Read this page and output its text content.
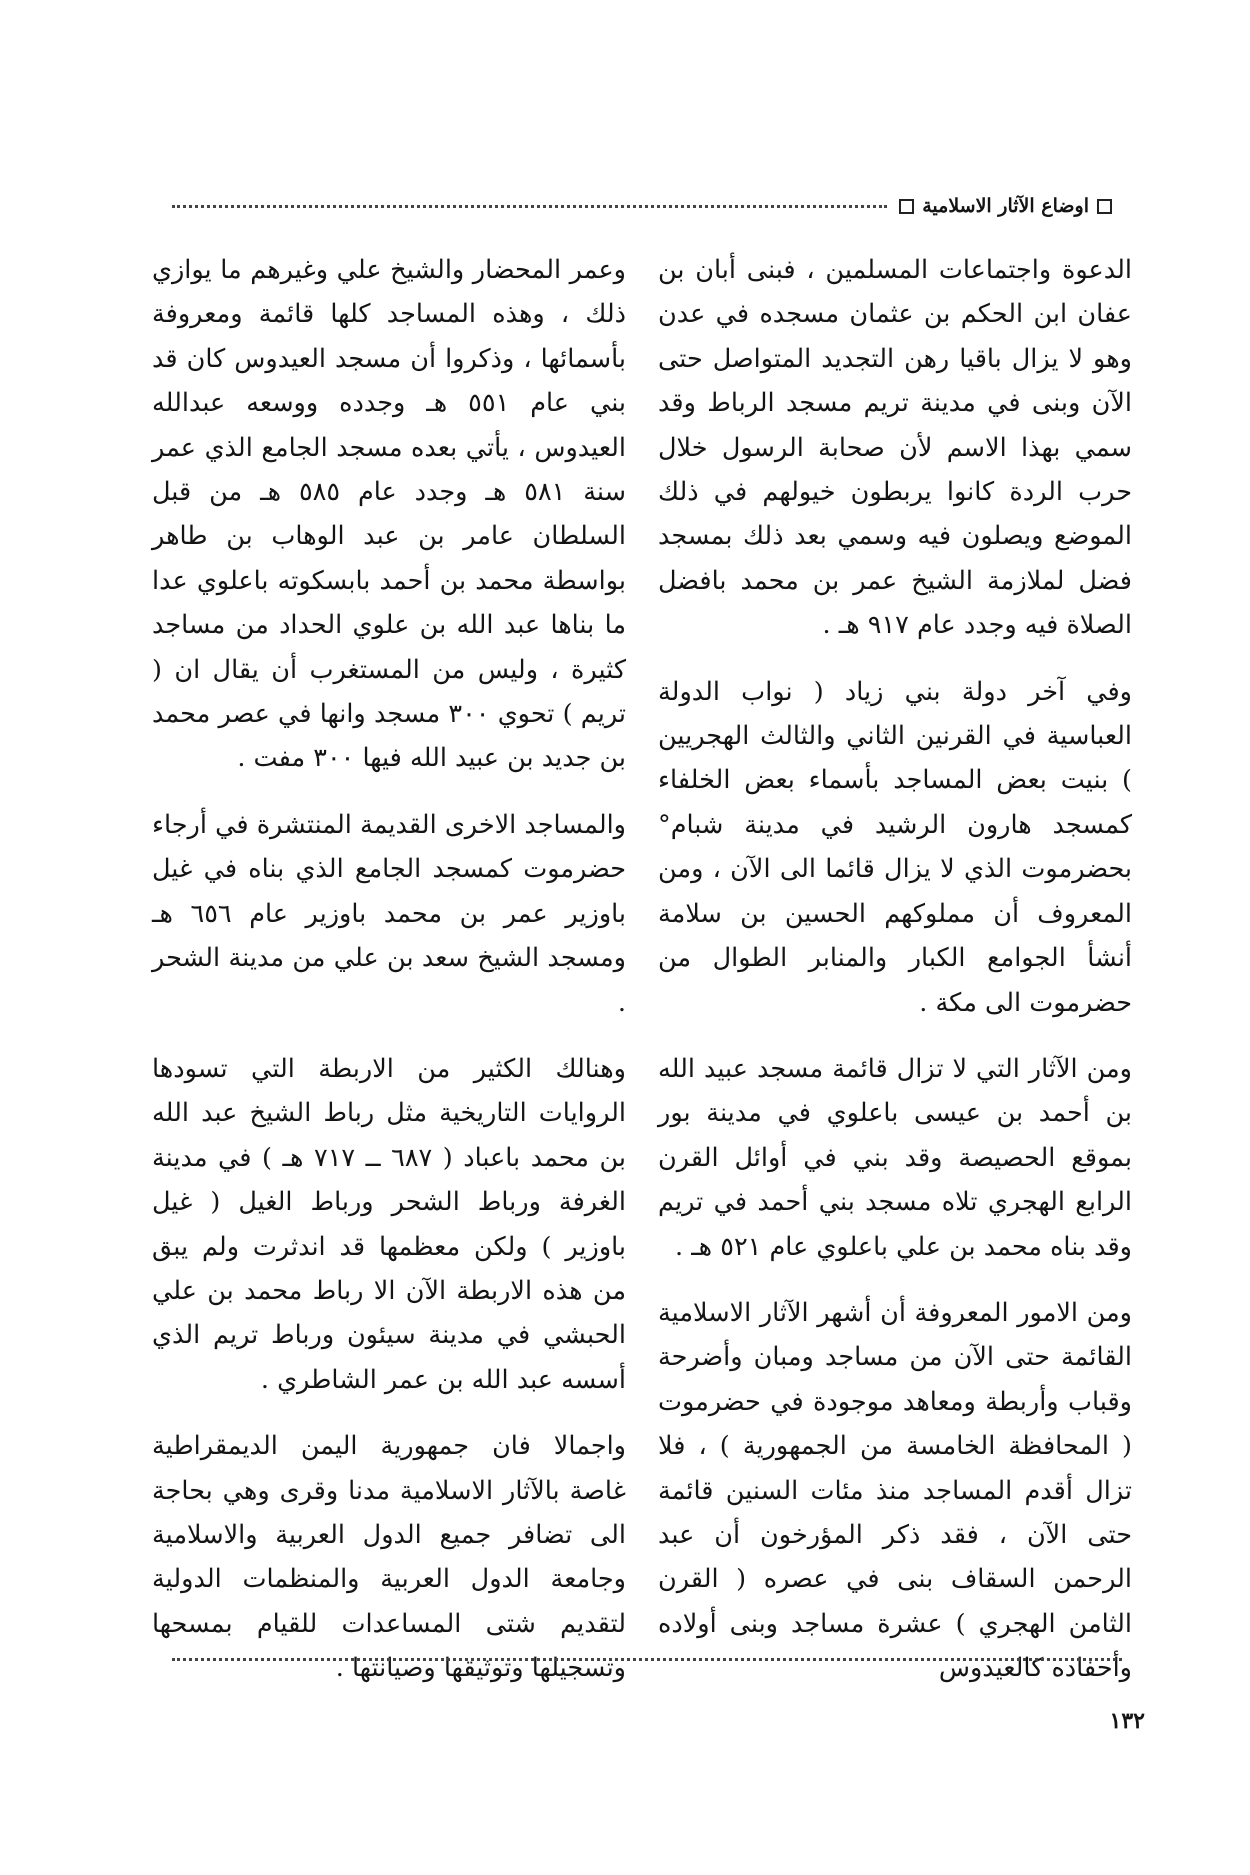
اوضاع الآثار الاسلامية

الدعوة واجتماعات المسلمين ، فبنى أبان بن عفان ابن الحكم بن عثمان مسجده في عدن وهو لا يزال باقيا رهن التجديد المتواصل حتى الآن وبنى في مدينة تريم مسجد الرباط وقد سمي بهذا الاسم لأن صحابة الرسول خلال حرب الردة كانوا يربطون خيولهم في ذلك الموضع ويصلون فيه وسمي بعد ذلك بمسجد فضل لملازمة الشيخ عمر بن محمد بافضل الصلاة فيه وجدد عام ٩١٧ هـ .

وفي آخر دولة بني زياد ( نواب الدولة العباسية في القرنين الثاني والثالث الهجريين ) بنيت بعض المساجد بأسماء بعض الخلفاء كمسجد هارون الرشيد في مدينة شبام° بحضرموت الذي لا يزال قائما الى الآن ، ومن المعروف أن مملوكهم الحسين بن سلامة أنشأ الجوامع الكبار والمنابر الطوال من حضرموت الى مكة .

ومن الآثار التي لا تزال قائمة مسجد عبيد الله بن أحمد بن عيسى باعلوي في مدينة بور بموقع الحصيصة وقد بني في أوائل القرن الرابع الهجري تلاه مسجد بني أحمد في تريم وقد بناه محمد بن علي باعلوي عام ٥٢١ هـ .

ومن الامور المعروفة أن أشهر الآثار الاسلامية القائمة حتى الآن من مساجد ومبان وأضرحة وقباب وأربطة ومعاهد موجودة في حضرموت ( المحافظة الخامسة من الجمهورية ) ، فلا تزال أقدم المساجد منذ مئات السنين قائمة حتى الآن ، فقد ذكر المؤرخون أن عبد الرحمن السقاف بنى في عصره ( القرن الثامن الهجري ) عشرة مساجد وبنى أولاده وأحفاده كالعيدوس

وعمر المحضار والشيخ علي وغيرهم ما يوازي ذلك ، وهذه المساجد كلها قائمة ومعروفة بأسمائها ، وذكروا أن مسجد العيدوس كان قد بني عام ٥٥١ هـ وجدده ووسعه عبدالله العيدوس ، يأتي بعده مسجد الجامع الذي عمر سنة ٥٨١ هـ وجدد عام ٥٨٥ هـ من قبل السلطان عامر بن عبد الوهاب بن طاهر بواسطة محمد بن أحمد بابسكوته باعلوي عدا ما بناها عبد الله بن علوي الحداد من مساجد كثيرة ، وليس من المستغرب أن يقال ان ( تريم ) تحوي ٣٠٠ مسجد وانها في عصر محمد بن جديد بن عبيد الله فيها ٣٠٠ مفت .

والمساجد الاخرى القديمة المنتشرة في أرجاء حضرموت كمسجد الجامع الذي بناه في غيل باوزير عمر بن محمد باوزير عام ٦٥٦ هـ ومسجد الشيخ سعد بن علي من مدينة الشحر .

وهنالك الكثير من الاربطة التي تسودها الروايات التاريخية مثل رباط الشيخ عبد الله بن محمد باعباد ( ٦٨٧ ــ ٧١٧ هـ ) في مدينة الغرفة ورباط الشحر ورباط الغيل ( غيل باوزير ) ولكن معظمها قد اندثرت ولم يبق من هذه الاربطة الآن الا رباط محمد بن علي الحبشي في مدينة سيئون ورباط تريم الذي أسسه عبد الله بن عمر الشاطري .

واجمالا فان جمهورية اليمن الديمقراطية غاصة بالآثار الاسلامية مدنا وقرى وهي بحاجة الى تضافر جميع الدول العربية والاسلامية وجامعة الدول العربية والمنظمات الدولية لتقديم شتى المساعدات للقيام بمسحها وتسجيلها وتوثيقها وصيانتها .

١٣٢
